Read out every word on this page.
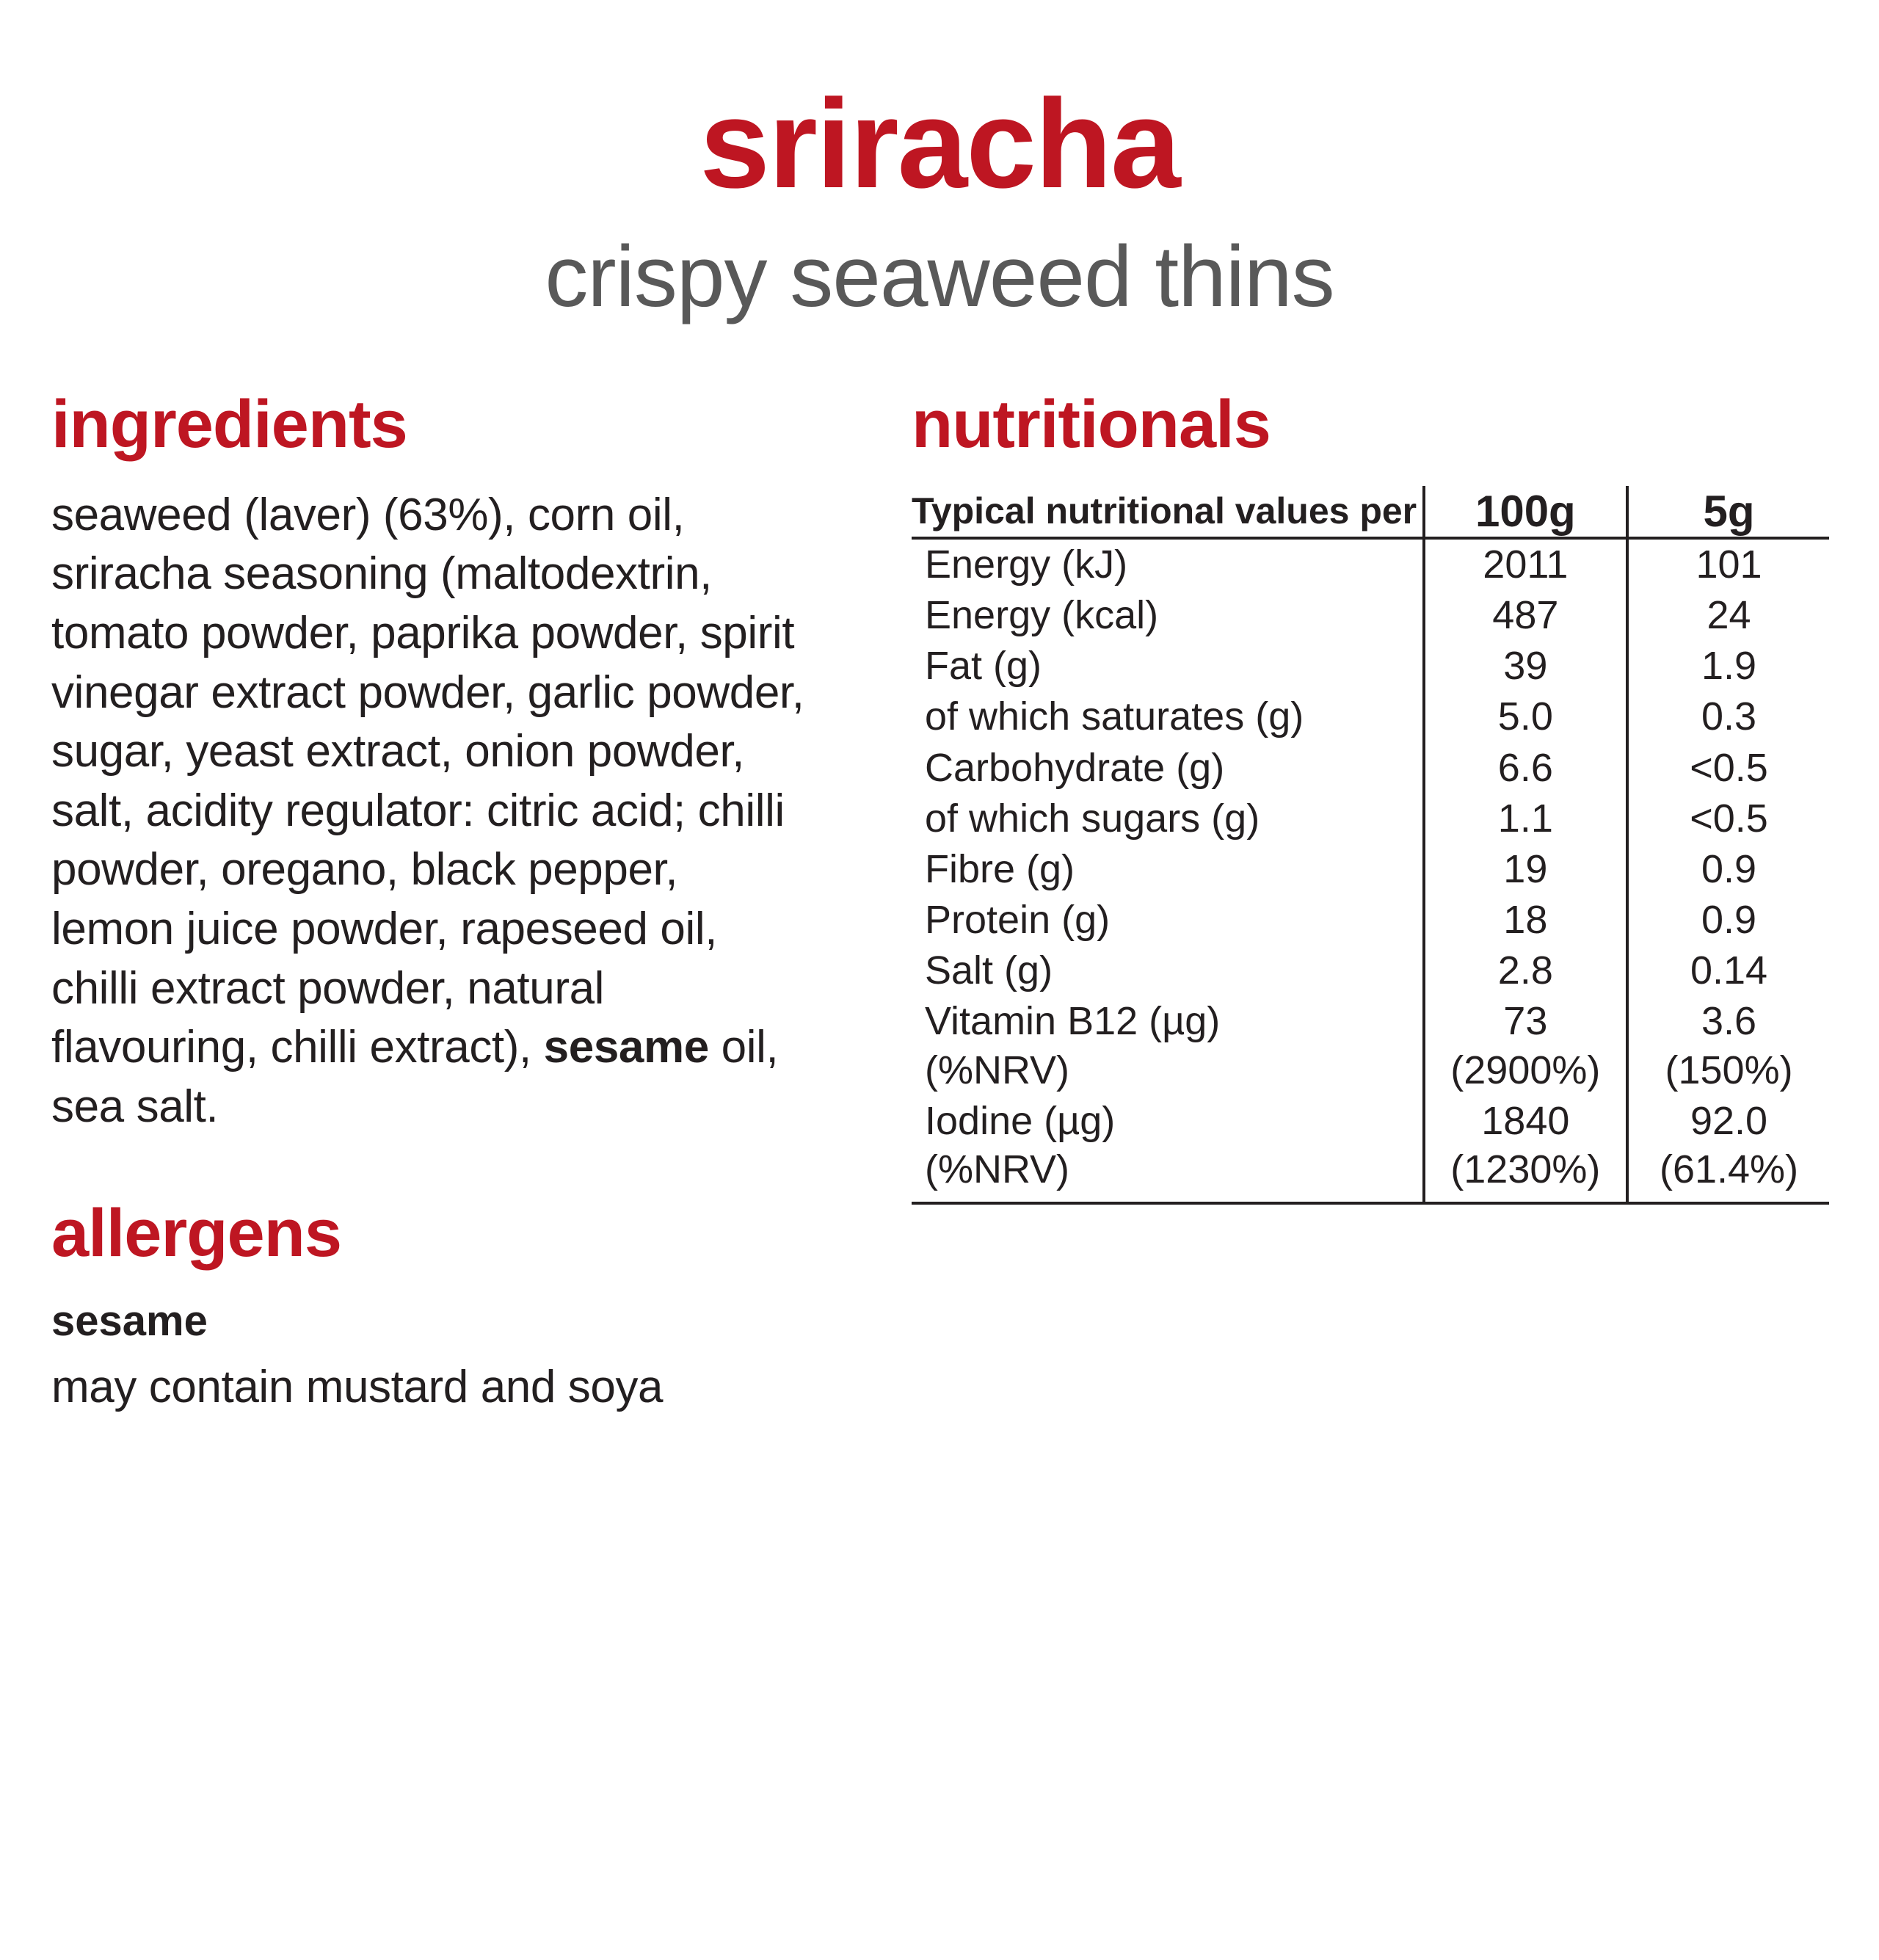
sriracha
crispy seaweed thins
ingredients
seaweed (laver) (63%), corn oil, sriracha seasoning (maltodextrin, tomato powder, paprika powder, spirit vinegar extract powder, garlic powder, sugar, yeast extract, onion powder, salt, acidity regulator: citric acid; chilli powder, oregano, black pepper, lemon juice powder, rapeseed oil, chilli extract powder, natural flavouring, chilli extract), sesame oil, sea salt.
allergens
sesame
may contain mustard and soya
nutritionals
Typical nutritional values per	100g	5g
Energy (kJ)	2011	101
Energy (kcal)	487	24
Fat (g)	39	1.9
of which saturates (g)	5.0	0.3
Carbohydrate (g)	6.6	<0.5
of which sugars (g)	1.1	<0.5
Fibre (g)	19	0.9
Protein (g)	18	0.9
Salt (g)	2.8	0.14
Vitamin B12 (µg)	73	3.6
(%NRV)	(2900%)	(150%)
Iodine (µg)	1840	92.0
(%NRV)	(1230%)	(61.4%)
